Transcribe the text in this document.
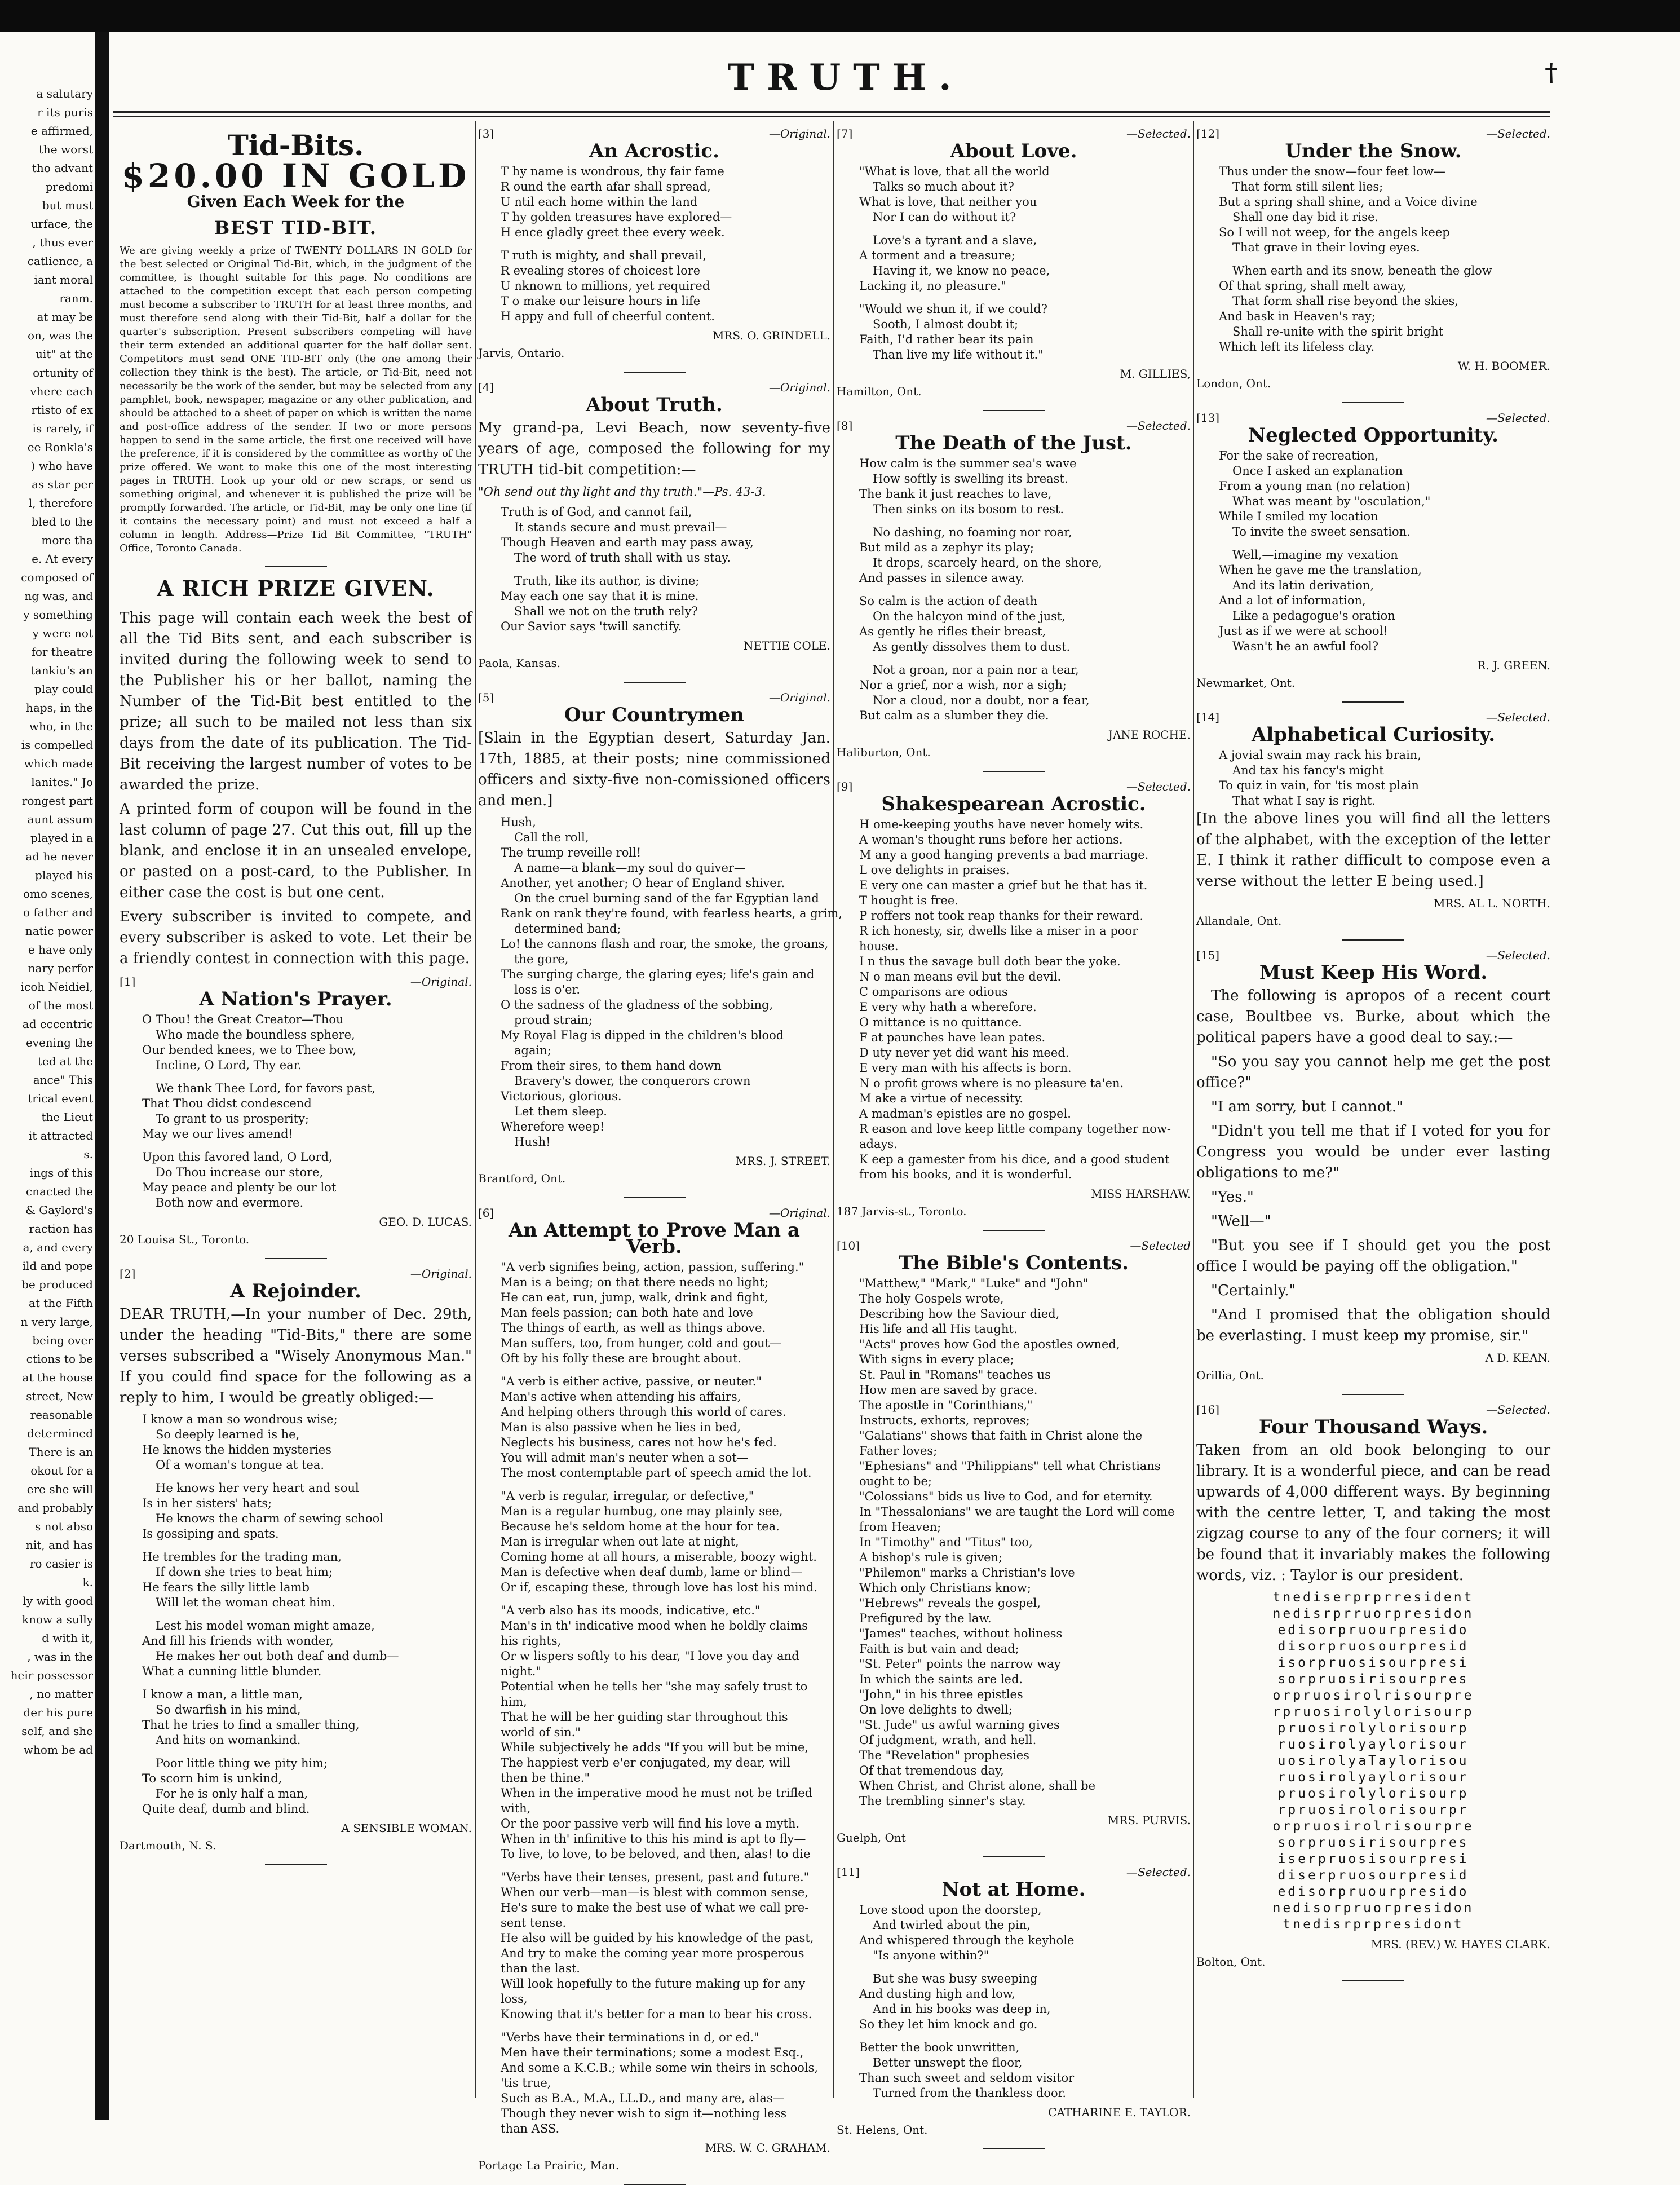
a salutary
r its puris
e affirmed,
the worst
tho advant
predomi
but must
urface, the
, thus ever
catlience, a
iant moral
ranm.
at may be
on, was the
uit" at the
ortunity of
vhere each
rtisto of ex
is rarely, if
ee Ronkla's
) who have
as star per
l, therefore
bled to the
more tha
e. At every
composed of
ng was, and
y something
y were not
for theatre
tankiu's an
play could
haps, in the
who, in the
is compelled
which made
lanites." Jo
rongest part
aunt assum
played in a
ad he never
played his
omo scenes,
o father and
natic power
e have only
nary perfor
icoh Neidiel,
of the most
ad eccentric
evening the
ted at the
ance" This
trical event
the Lieut
it attracted
s.
ings of this
cnacted the
& Gaylord's
raction has
a, and every
ild and pope
be produced
at the Fifth
n very large,
being over
ctions to be
at the house
street, New
reasonable
determined
There is an
okout for a
ere she will
and probably
s not abso
nit, and has
ro casier is
k.
ly with good
know a sully
d with it,
, was in the
heir possessor
, no matter
der his pure
self, and she
whom be ad
TRUTH.	†
Tid-Bits.
$20.00 IN GOLD
Given Each Week for the
BEST TID-BIT.
We are giving weekly a prize of TWENTY DOLLARS IN GOLD for the best selected or Original Tid-Bit, which, in the judgment of the committee, is thought suitable for this page. No conditions are attached to the competition except that each person competing must become a subscriber to TRUTH for at least three months, and must therefore send along with their Tid-Bit, half a dollar for the quarter's subscription. Present subscribers competing will have their term extended an additional quarter for the half dollar sent. Competitors must send ONE TID-BIT only (the one among their collection they think is the best). The article, or Tid-Bit, need not necessarily be the work of the sender, but may be selected from any pamphlet, book, newspaper, magazine or any other publication, and should be attached to a sheet of paper on which is written the name and post-office address of the sender. If two or more persons happen to send in the same article, the first one received will have the preference, if it is considered by the committee as worthy of the prize offered. We want to make this one of the most interesting pages in TRUTH. Look up your old or new scraps, or send us something original, and whenever it is published the prize will be promptly forwarded. The article, or Tid-Bit, may be only one line (if it contains the necessary point) and must not exceed a half a column in length. Address—Prize Tid Bit Committee, "TRUTH" Office, Toronto Canada.
A RICH PRIZE GIVEN.

This page will contain each week the best of all the Tid Bits sent, and each subscriber is invited during the following week to send to the Publisher his or her ballot, naming the Number of the Tid-Bit best entitled to the prize; all such to be mailed not less than six days from the date of its publication. The Tid-Bit receiving the largest number of votes to be awarded the prize.

A printed form of coupon will be found in the last column of page 27. Cut this out, fill up the blank, and enclose it in an unsealed envelope, or pasted on a post-card, to the Publisher. In either case the cost is but one cent.

Every subscriber is invited to compete, and every subscriber is asked to vote. Let their be a friendly contest in connection with this page.

[1]	—Original.
A Nation's Prayer.
O Thou! the Great Creator—Thou
Who made the boundless sphere,
Our bended knees, we to Thee bow,
Incline, O Lord, Thy ear.
We thank Thee Lord, for favors past,
That Thou didst condescend
To grant to us prosperity;
May we our lives amend!
Upon this favored land, O Lord,
Do Thou increase our store,
May peace and plenty be our lot
Both now and evermore.
GEO. D. LUCAS.
20 Louisa St., Toronto.
[2]	—Original.
A Rejoinder.

DEAR TRUTH,—In your number of Dec. 29th, under the heading "Tid-Bits," there are some verses subscribed a "Wisely Anonymous Man." If you could find space for the following as a reply to him, I would be greatly obliged:—

I know a man so wondrous wise;
So deeply learned is he,
He knows the hidden mysteries
Of a woman's tongue at tea.
He knows her very heart and soul
Is in her sisters' hats;
He knows the charm of sewing school
Is gossiping and spats.
He trembles for the trading man,
If down she tries to beat him;
He fears the silly little lamb
Will let the woman cheat him.
Lest his model woman might amaze,
And fill his friends with wonder,
He makes her out both deaf and dumb—
What a cunning little blunder.
I know a man, a little man,
So dwarfish in his mind,
That he tries to find a smaller thing,
And hits on womankind.
Poor little thing we pity him;
To scorn him is unkind,
For he is only half a man,
Quite deaf, dumb and blind.
A SENSIBLE WOMAN.
Dartmouth, N. S.
[3]	—Original.
An Acrostic.
T hy name is wondrous, thy fair fame
R ound the earth afar shall spread,
U ntil each home within the land
T hy golden treasures have explored—
H ence gladly greet thee every week.
T ruth is mighty, and shall prevail,
R evealing stores of choicest lore
U nknown to millions, yet required
T o make our leisure hours in life
H appy and full of cheerful content.
MRS. O. GRINDELL.
Jarvis, Ontario.
[4]	—Original.
About Truth.

My grand-pa, Levi Beach, now seventy-five years of age, composed the following for my TRUTH tid-bit competition:—

"Oh send out thy light and thy truth."—Ps. 43-3.
Truth is of God, and cannot fail,
It stands secure and must prevail—
Though Heaven and earth may pass away,
The word of truth shall with us stay.
Truth, like its author, is divine;
May each one say that it is mine.
Shall we not on the truth rely?
Our Savior says 'twill sanctify.
NETTIE COLE.
Paola, Kansas.
[5]	—Original.
Our Countrymen

[Slain in the Egyptian desert, Saturday Jan. 17th, 1885, at their posts; nine commissioned officers and sixty-five non-comissioned officers and men.]

Hush,
Call the roll,
The trump reveille roll!
A name—a blank—my soul do quiver—
Another, yet another; O hear of England shiver.
On the cruel burning sand of the far Egyptian land
Rank on rank they're found, with fearless hearts, a grim,
determined band;
Lo! the cannons flash and roar, the smoke, the groans,
the gore,
The surging charge, the glaring eyes; life's gain and
loss is o'er.
O the sadness of the gladness of the sobbing,
proud strain;
My Royal Flag is dipped in the children's blood
again;
From their sires, to them hand down
Bravery's dower, the conquerors crown
Victorious, glorious.
Let them sleep.
Wherefore weep!
Hush!
MRS. J. STREET.
Brantford, Ont.
[6]	—Original.
An Attempt to Prove Man a Verb.
"A verb signifies being, action, passion, suffering."
Man is a being; on that there needs no light;
He can eat, run, jump, walk, drink and fight,
Man feels passion; can both hate and love
The things of earth, as well as things above.
Man suffers, too, from hunger, cold and gout—
Oft by his folly these are brought about.
"A verb is either active, passive, or neuter."
Man's active when attending his affairs,
And helping others through this world of cares.
Man is also passive when he lies in bed,
Neglects his business, cares not how he's fed.
You will admit man's neuter when a sot—
The most contemptable part of speech amid the lot.
"A verb is regular, irregular, or defective,"
Man is a regular humbug, one may plainly see,
Because he's seldom home at the hour for tea.
Man is irregular when out late at night,
Coming home at all hours, a miserable, boozy wight.
Man is defective when deaf dumb, lame or blind—
Or if, escaping these, through love has lost his mind.
"A verb also has its moods, indicative, etc."
Man's in th' indicative mood when he boldly claims
his rights,
Or w lispers softly to his dear, "I love you day and
night."
Potential when he tells her "she may safely trust to
him,
That he will be her guiding star throughout this
world of sin."
While subjectively he adds "If you will but be mine,
The happiest verb e'er conjugated, my dear, will
then be thine."
When in the imperative mood he must not be trifled
with,
Or the poor passive verb will find his love a myth.
When in th' infinitive to this his mind is apt to fly—
To live, to love, to be beloved, and then, alas! to die
"Verbs have their tenses, present, past and future."
When our verb—man—is blest with common sense,
He's sure to make the best use of what we call pre-
sent tense.
He also will be guided by his knowledge of the past,
And try to make the coming year more prosperous
than the last.
Will look hopefully to the future making up for any
loss,
Knowing that it's better for a man to bear his cross.
"Verbs have their terminations in d, or ed."
Men have their terminations; some a modest Esq.,
And some a K.C.B.; while some win theirs in schools,
'tis true,
Such as B.A., M.A., LL.D., and many are, alas—
Though they never wish to sign it—nothing less
than ASS.
MRS. W. C. GRAHAM.
Portage La Prairie, Man.
[7]	—Selected.
About Love.
"What is love, that all the world
Talks so much about it?
What is love, that neither you
Nor I can do without it?
Love's a tyrant and a slave,
A torment and a treasure;
Having it, we know no peace,
Lacking it, no pleasure."
"Would we shun it, if we could?
Sooth, I almost doubt it;
Faith, I'd rather bear its pain
Than live my life without it."
M. GILLIES,
Hamilton, Ont.
[8]	—Selected.
The Death of the Just.
How calm is the summer sea's wave
How softly is swelling its breast.
The bank it just reaches to lave,
Then sinks on its bosom to rest.
No dashing, no foaming nor roar,
But mild as a zephyr its play;
It drops, scarcely heard, on the shore,
And passes in silence away.
So calm is the action of death
On the halcyon mind of the just,
As gently he rifles their breast,
As gently dissolves them to dust.
Not a groan, nor a pain nor a tear,
Nor a grief, nor a wish, nor a sigh;
Nor a cloud, nor a doubt, nor a fear,
But calm as a slumber they die.
JANE ROCHE.
Haliburton, Ont.
[9]	—Selected.
Shakespearean Acrostic.
H ome-keeping youths have never homely wits.
A woman's thought runs before her actions.
M any a good hanging prevents a bad marriage.
L ove delights in praises.
E very one can master a grief but he that has it.
T hought is free.
P roffers not took reap thanks for their reward.
R ich honesty, sir, dwells like a miser in a poor
house.
I n thus the savage bull doth bear the yoke.
N o man means evil but the devil.
C omparisons are odious
E very why hath a wherefore.
O mittance is no quittance.
F at paunches have lean pates.
D uty never yet did want his meed.
E very man with his affects is born.
N o profit grows where is no pleasure ta'en.
M ake a virtue of necessity.
A madman's epistles are no gospel.
R eason and love keep little company together now-
adays.
K eep a gamester from his dice, and a good student
from his books, and it is wonderful.
MISS HARSHAW.
187 Jarvis-st., Toronto.
[10]	—Selected
The Bible's Contents.
"Matthew," "Mark," "Luke" and "John"
The holy Gospels wrote,
Describing how the Saviour died,
His life and all His taught.
"Acts" proves how God the apostles owned,
With signs in every place;
St. Paul in "Romans" teaches us
How men are saved by grace.
The apostle in "Corinthians,"
Instructs, exhorts, reproves;
"Galatians" shows that faith in Christ alone the
Father loves;
"Ephesians" and "Philippians" tell what Christians
ought to be;
"Colossians" bids us live to God, and for eternity.
In "Thessalonians" we are taught the Lord will come
from Heaven;
In "Timothy" and "Titus" too,
A bishop's rule is given;
"Philemon" marks a Christian's love
Which only Christians know;
"Hebrews" reveals the gospel,
Prefigured by the law.
"James" teaches, without holiness
Faith is but vain and dead;
"St. Peter" points the narrow way
In which the saints are led.
"John," in his three epistles
On love delights to dwell;
"St. Jude" us awful warning gives
Of judgment, wrath, and hell.
The "Revelation" prophesies
Of that tremendous day,
When Christ, and Christ alone, shall be
The trembling sinner's stay.
MRS. PURVIS.
Guelph, Ont
[11]	—Selected.
Not at Home.
Love stood upon the doorstep,
And twirled about the pin,
And whispered through the keyhole
"Is anyone within?"
But she was busy sweeping
And dusting high and low,
And in his books was deep in,
So they let him knock and go.
Better the book unwritten,
Better unswept the floor,
Than such sweet and seldom visitor
Turned from the thankless door.
CATHARINE E. TAYLOR.
St. Helens, Ont.
[12]	—Selected.
Under the Snow.
Thus under the snow—four feet low—
That form still silent lies;
But a spring shall shine, and a Voice divine
Shall one day bid it rise.
So I will not weep, for the angels keep
That grave in their loving eyes.
When earth and its snow, beneath the glow
Of that spring, shall melt away,
That form shall rise beyond the skies,
And bask in Heaven's ray;
Shall re-unite with the spirit bright
Which left its lifeless clay.
W. H. BOOMER.
London, Ont.
[13]	—Selected.
Neglected Opportunity.
For the sake of recreation,
Once I asked an explanation
From a young man (no relation)
What was meant by "osculation,"
While I smiled my location
To invite the sweet sensation.
Well,—imagine my vexation
When he gave me the translation,
And its latin derivation,
And a lot of information,
Like a pedagogue's oration
Just as if we were at school!
Wasn't he an awful fool?
R. J. GREEN.
Newmarket, Ont.
[14]	—Selected.
Alphabetical Curiosity.
A jovial swain may rack his brain,
And tax his fancy's might
To quiz in vain, for 'tis most plain
That what I say is right.

[In the above lines you will find all the letters of the alphabet, with the exception of the letter E. I think it rather difficult to compose even a verse without the letter E being used.]

MRS. AL L. NORTH.
Allandale, Ont.
[15]	—Selected.
Must Keep His Word.

The following is apropos of a recent court case, Boultbee vs. Burke, about which the political papers have a good deal to say.:—

"So you say you cannot help me get the post office?"

"I am sorry, but I cannot."

"Didn't you tell me that if I voted for you for Congress you would be under ever lasting obligations to me?"

"Yes."

"Well—"

"But you see if I should get you the post office I would be paying off the obligation."

"Certainly."

"And I promised that the obligation should be everlasting. I must keep my promise, sir."

A D. KEAN.
Orillia, Ont.
[16]	—Selected.
Four Thousand Ways.

Taken from an old book belonging to our library. It is a wonderful piece, and can be read upwards of 4,000 different ways. By beginning with the centre letter, T, and taking the most zigzag course to any of the four corners; it will be found that it invariably makes the following words, viz. : Taylor is our president.

tnediserprprresident
nedisrprruorpresidon
edisorpruourpresido
disorpruosourpresid
isorpruosisourpresi
sorpruosirisourpres
orpruosirolrisourpre
rpruosirolylorisourp
pruosirolylorisourp
ruosirolyaylorisour
uosirolyaTaylorisou
ruosirolyaylorisour
pruosirolylorisourp
rpruosirolorisourpr
orpruosirolrisourpre
sorpruosirisourpres
iserpruosisourpresi
diserpruosourpresid
edisorpruourpresido
nedisorpruorpresidon
tnedisrprpresidont
MRS. (REV.) W. HAYES CLARK.
Bolton, Ont.
